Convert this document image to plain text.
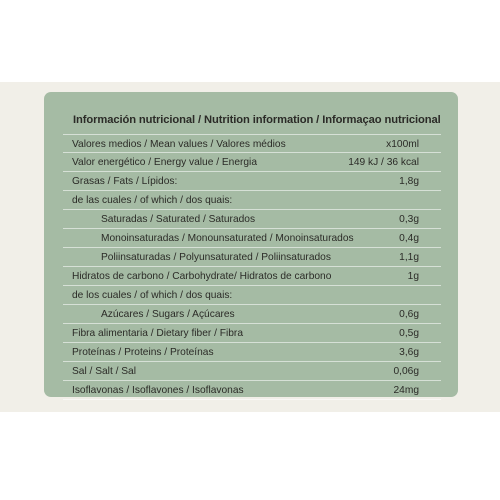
Información nutricional / Nutrition information / Informaçao nutricional
Valores medios / Mean values / Valores médios	x100ml
Valor energético / Energy value / Energia	149 kJ / 36 kcal
Grasas / Fats / Lípidos:	1,8g
de las cuales / of which / dos quais:
Saturadas / Saturated / Saturados	0,3g
Monoinsaturadas / Monounsaturated / Monoinsaturados	0,4g
Poliinsaturadas / Polyunsaturated / Poliinsaturados	1,1g
Hidratos de carbono / Carbohydrate/ Hidratos de carbono	1g
de los cuales / of which / dos quais:
Azúcares / Sugars / Açúcares	0,6g
Fibra alimentaria / Dietary fiber / Fibra	0,5g
Proteínas / Proteins / Proteínas	3,6g
Sal / Salt / Sal	0,06g
Isoflavonas / Isoflavones / Isoflavonas	24mg
